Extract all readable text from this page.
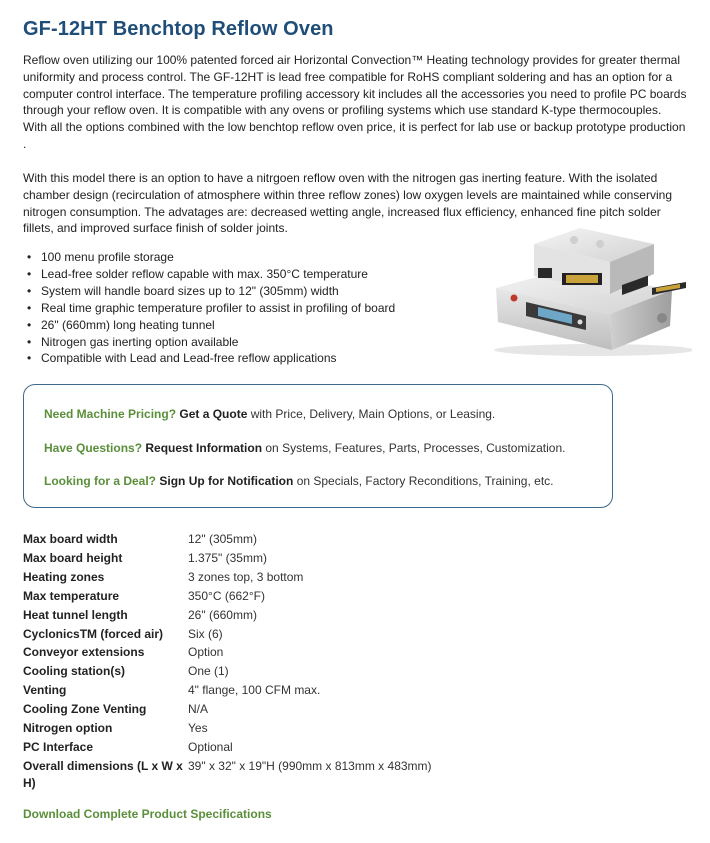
GF-12HT Benchtop Reflow Oven

Reflow oven utilizing our 100% patented forced air Horizontal Convection™ Heating technology provides for greater thermal uniformity and process control. The GF-12HT is lead free compatible for RoHS compliant soldering and has an option for a computer control interface. The temperature profiling accessory kit includes all the accessories you need to profile PC boards through your reflow oven. It is compatible with any ovens or profiling systems which use standard K-type thermocouples. With all the options combined with the low benchtop reflow oven price, it is perfect for lab use or backup prototype production .

With this model there is an option to have a nitrgoen reflow oven with the nitrogen gas inerting feature. With the isolated chamber design (recirculation of atmosphere within three reflow zones) low oxygen levels are maintained while conserving nitrogen consumption. The advatages are: decreased wetting angle, increased flux efficiency, enhanced fine pitch solder fillets, and improved surface finish of solder joints.

• 100 menu profile storage
• Lead-free solder reflow capable with max. 350°C temperature
• System will handle board sizes up to 12" (305mm) width
• Real time graphic temperature profiler to assist in profiling of board
• 26" (660mm) long heating tunnel
• Nitrogen gas inerting option available
• Compatible with Lead and Lead-free reflow applications
Need Machine Pricing? Get a Quote with Price, Delivery, Main Options, or Leasing.
Have Questions? Request Information on Systems, Features, Parts, Processes, Customization.
Looking for a Deal? Sign Up for Notification on Specials, Factory Reconditions, Training, etc.
Max board width	12" (305mm)
Max board height	1.375" (35mm)
Heating zones	3 zones top, 3 bottom
Max temperature	350°C (662°F)
Heat tunnel length	26" (660mm)
CyclonicsTM (forced air)	Six (6)
Conveyor extensions	Option
Cooling station(s)	One (1)
Venting	4" flange, 100 CFM max.
Cooling Zone Venting	N/A
Nitrogen option	Yes
PC Interface	Optional
Overall dimensions (L x W x H)	39" x 32" x 19"H (990mm x 813mm x 483mm)
Download Complete Product Specifications
